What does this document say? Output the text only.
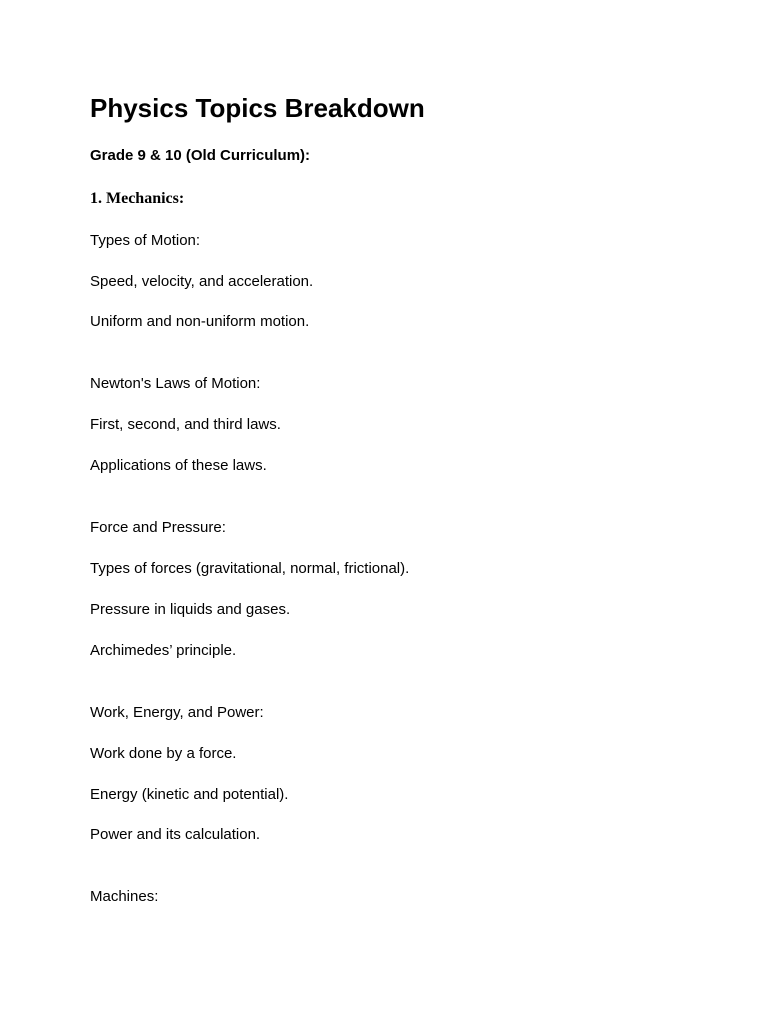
Physics Topics Breakdown

Grade 9 & 10 (Old Curriculum):

1. Mechanics:

Types of Motion:

Speed, velocity, and acceleration.

Uniform and non-uniform motion.

Newton's Laws of Motion:

First, second, and third laws.

Applications of these laws.

Force and Pressure:

Types of forces (gravitational, normal, frictional).

Pressure in liquids and gases.

Archimedes’ principle.

Work, Energy, and Power:

Work done by a force.

Energy (kinetic and potential).

Power and its calculation.

Machines:
